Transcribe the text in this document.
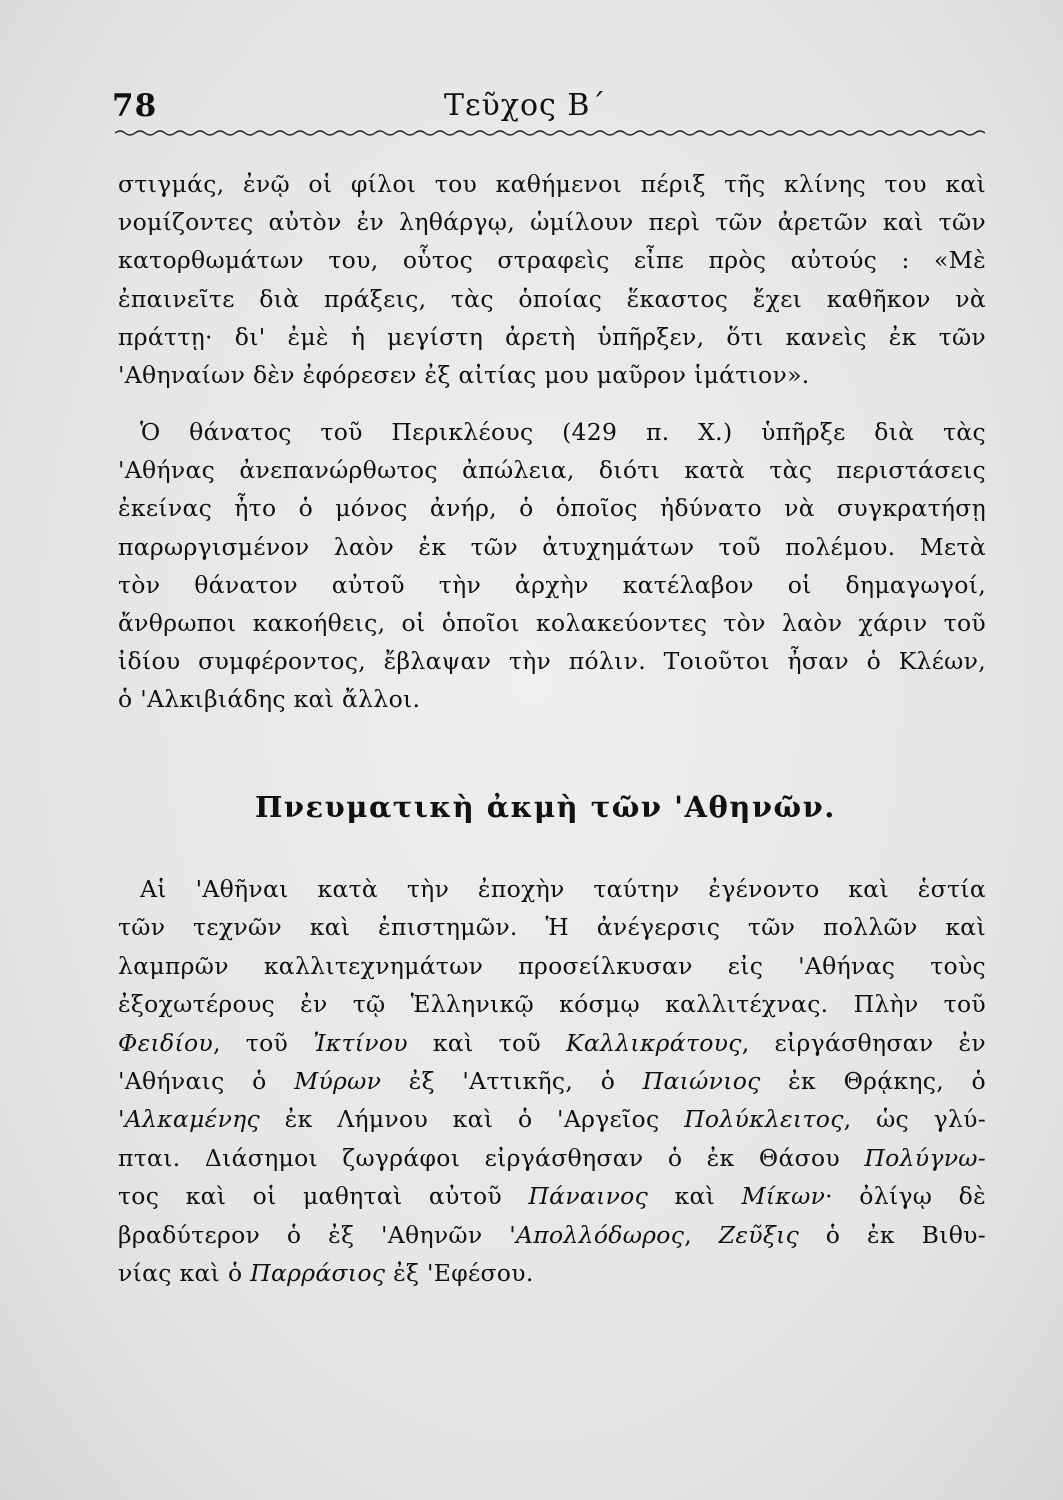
78	Τεῦχος Β΄
στιγμάς, ἐνῷ οἱ φίλοι του καθήμενοι πέριξ τῆς κλίνης του καὶ
νομίζοντες αὐτὸν ἐν ληθάργῳ, ὡμίλουν περὶ τῶν ἀρετῶν καὶ τῶν
κατορθωμάτων του, οὗτος στραφεὶς εἶπε πρὸς αὐτούς : «Μὲ
ἐπαινεῖτε διὰ πράξεις, τὰς ὁποίας ἕκαστος ἔχει καθῆκον νὰ
πράττῃ· δι' ἐμὲ ἡ μεγίστη ἀρετὴ ὑπῆρξεν, ὅτι κανεὶς ἐκ τῶν
'Αθηναίων δὲν ἐφόρεσεν ἐξ αἰτίας μου μαῦρον ἱμάτιον».
Ὁ θάνατος τοῦ Περικλέους (429 π. Χ.) ὑπῆρξε διὰ τὰς
'Αθήνας ἀνεπανώρθωτος ἀπώλεια, διότι κατὰ τὰς περιστάσεις
ἐκείνας ἦτο ὁ μόνος ἀνήρ, ὁ ὁποῖος ἠδύνατο νὰ συγκρατήσῃ
παρωργισμένον λαὸν ἐκ τῶν ἀτυχημάτων τοῦ πολέμου. Μετὰ
τὸν θάνατον αὐτοῦ τὴν ἀρχὴν κατέλαβον οἱ δημαγωγοί,
ἄνθρωποι κακοήθεις, οἱ ὁποῖοι κολακεύοντες τὸν λαὸν χάριν τοῦ
ἰδίου συμφέροντος, ἔβλαψαν τὴν πόλιν. Τοιοῦτοι ἦσαν ὁ Κλέων,
ὁ 'Αλκιβιάδης καὶ ἄλλοι.
Πνευματικὴ ἀκμὴ τῶν 'Αθηνῶν.
Αἱ 'Αθῆναι κατὰ τὴν ἐποχὴν ταύτην ἐγένοντο καὶ ἑστία
τῶν τεχνῶν καὶ ἐπιστημῶν. Ἡ ἀνέγερσις τῶν πολλῶν καὶ
λαμπρῶν καλλιτεχνημάτων προσείλκυσαν εἰς 'Αθήνας τοὺς
ἐξοχωτέρους ἐν τῷ Ἑλληνικῷ κόσμῳ καλλιτέχνας. Πλὴν τοῦ
Φειδίου, τοῦ Ἰκτίνου καὶ τοῦ Καλλικράτους, εἰργάσθησαν ἐν
'Αθήναις ὁ Μύρων ἐξ 'Αττικῆς, ὁ Παιώνιος ἐκ Θρᾴκης, ὁ
'Αλκαμένης ἐκ Λήμνου καὶ ὁ 'Αργεῖος Πολύκλειτος, ὡς γλύ-
πται. Διάσημοι ζωγράφοι εἰργάσθησαν ὁ ἐκ Θάσου Πολύγνω-
τος καὶ οἱ μαθηταὶ αὐτοῦ Πάναινος καὶ Μίκων· ὀλίγῳ δὲ
βραδύτερον ὁ ἐξ 'Αθηνῶν 'Απολλόδωρος, Ζεῦξις ὁ ἐκ Βιθυ-
νίας καὶ ὁ Παρράσιος ἐξ 'Εφέσου.
